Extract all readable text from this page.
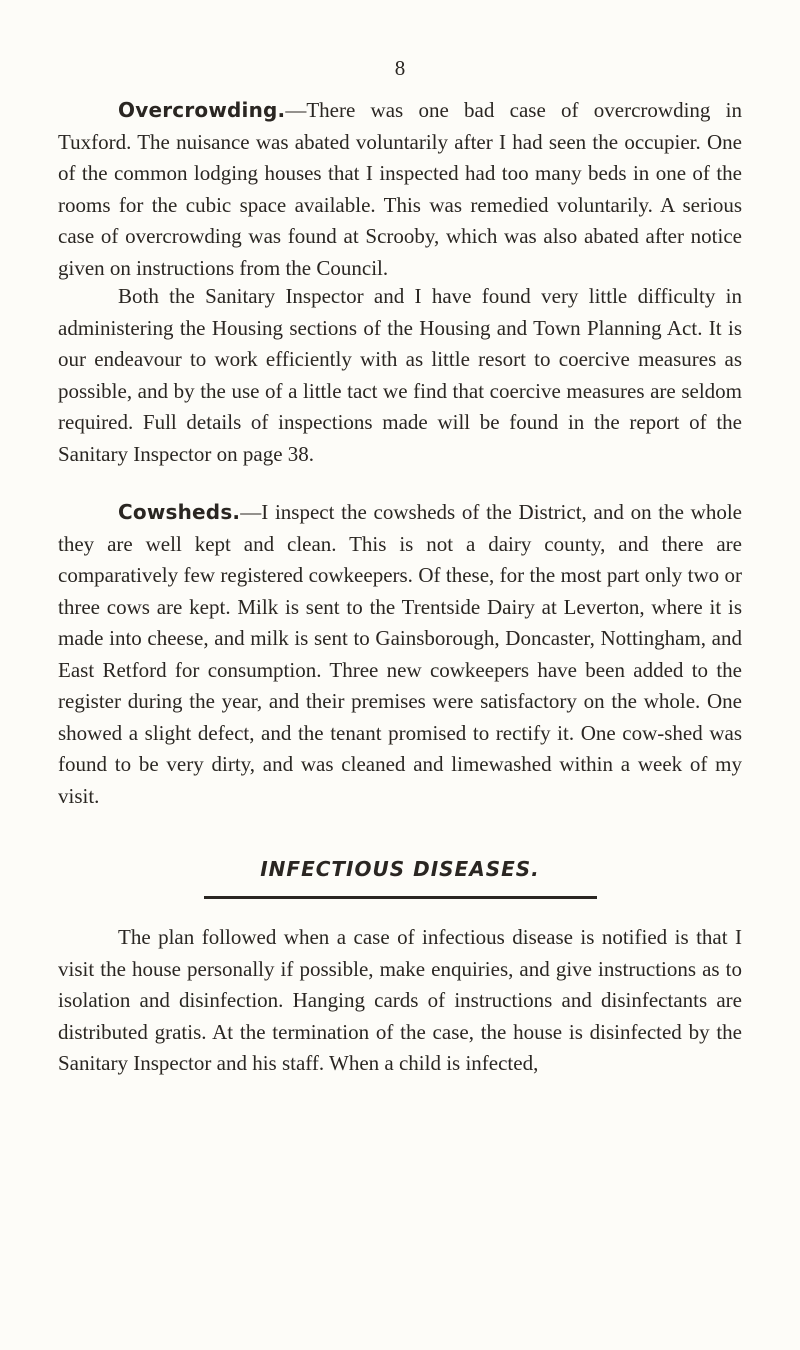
8

Overcrowding.—There was one bad case of overcrowding in Tuxford. The nuisance was abated voluntarily after I had seen the occupier. One of the common lodging houses that I inspected had too many beds in one of the rooms for the cubic space available. This was remedied voluntarily. A serious case of overcrowding was found at Scrooby, which was also abated after notice given on instructions from the Council.

Both the Sanitary Inspector and I have found very little difficulty in administering the Housing sections of the Housing and Town Planning Act. It is our endeavour to work efficiently with as little resort to coercive measures as possible, and by the use of a little tact we find that coercive measures are seldom required. Full details of inspections made will be found in the report of the Sanitary Inspector on page 38.

Cowsheds.—I inspect the cowsheds of the District, and on the whole they are well kept and clean. This is not a dairy county, and there are comparatively few registered cowkeepers. Of these, for the most part only two or three cows are kept. Milk is sent to the Trentside Dairy at Leverton, where it is made into cheese, and milk is sent to Gainsborough, Doncaster, Nottingham, and East Retford for consumption. Three new cowkeepers have been added to the register during the year, and their premises were satisfactory on the whole. One showed a slight defect, and the tenant promised to rectify it. One cow-shed was found to be very dirty, and was cleaned and limewashed within a week of my visit.

INFECTIOUS DISEASES.

The plan followed when a case of infectious disease is notified is that I visit the house personally if possible, make enquiries, and give instructions as to isolation and disinfection. Hanging cards of instructions and disinfectants are distributed gratis. At the termination of the case, the house is disinfected by the Sanitary Inspector and his staff. When a child is infected,
